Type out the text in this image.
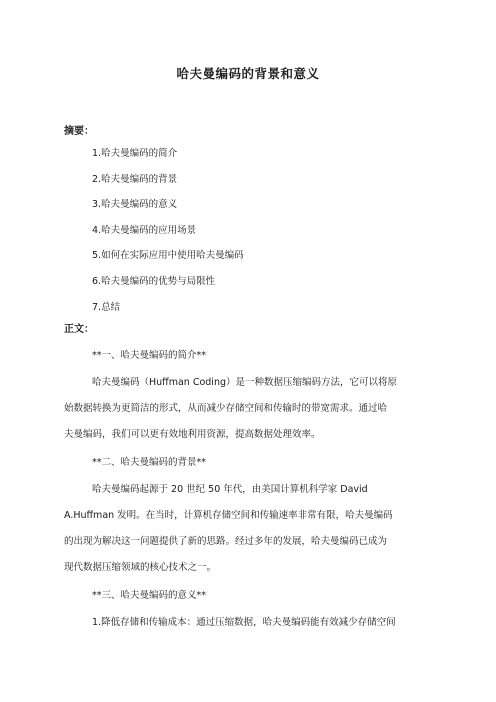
哈夫曼编码的背景和意义
摘要：
1.哈夫曼编码的简介
2.哈夫曼编码的背景
3.哈夫曼编码的意义
4.哈夫曼编码的应用场景
5.如何在实际应用中使用哈夫曼编码
6.哈夫曼编码的优势与局限性
7.总结
正文：
**一、哈夫曼编码的简介**
哈夫曼编码（Huffman Coding）是一种数据压缩编码方法，它可以将原
始数据转换为更简洁的形式，从而减少存储空间和传输时的带宽需求。通过哈
夫曼编码，我们可以更有效地利用资源，提高数据处理效率。
**二、哈夫曼编码的背景**
哈夫曼编码起源于 20 世纪 50 年代，由美国计算机科学家 David
A.Huffman 发明。在当时，计算机存储空间和传输速率非常有限，哈夫曼编码
的出现为解决这一问题提供了新的思路。经过多年的发展，哈夫曼编码已成为
现代数据压缩领域的核心技术之一。
**三、哈夫曼编码的意义**
1.降低存储和传输成本：通过压缩数据，哈夫曼编码能有效减少存储空间
